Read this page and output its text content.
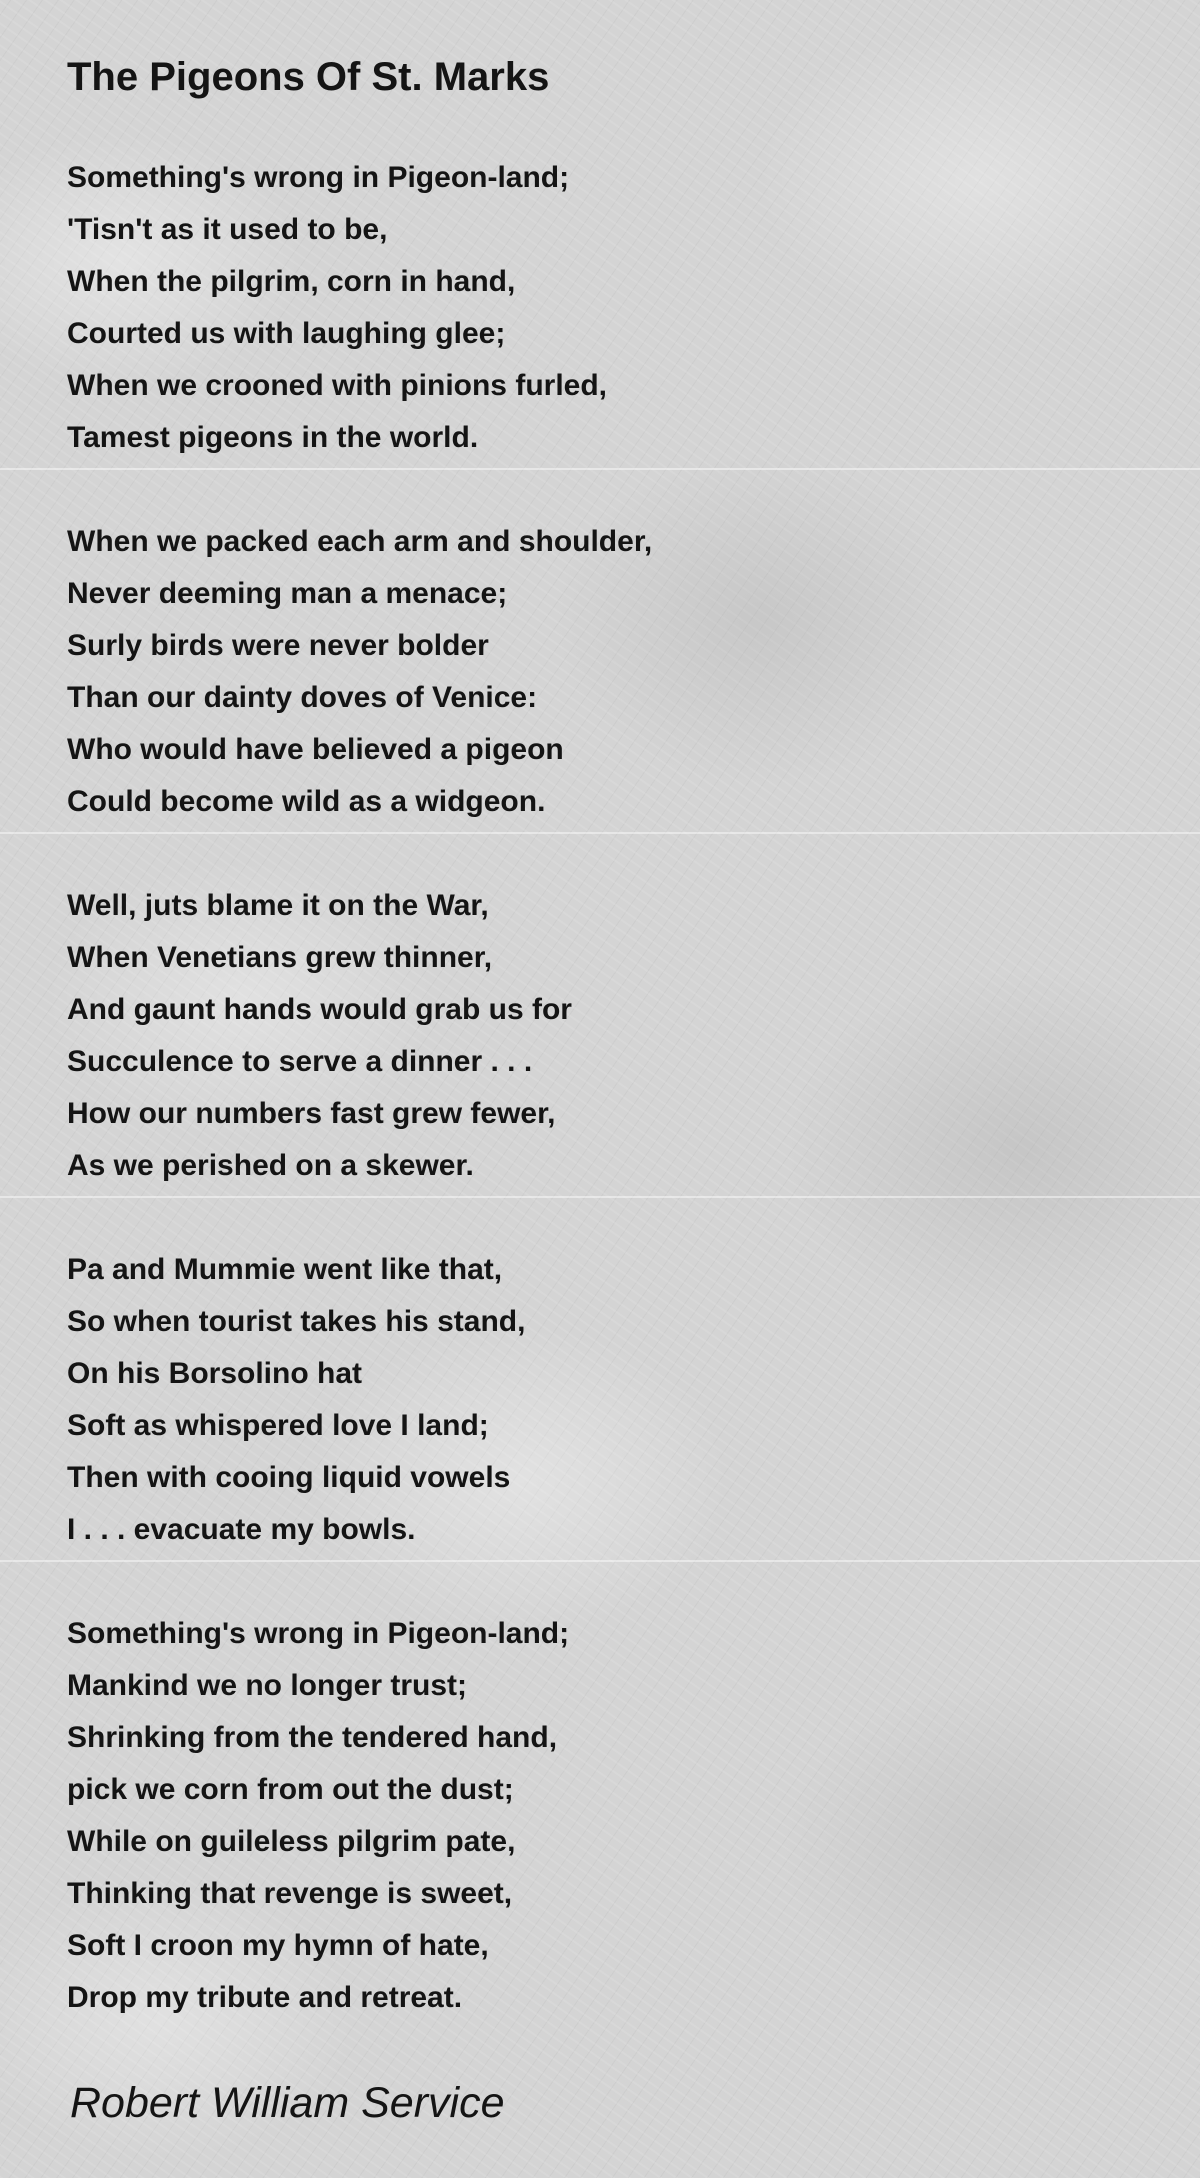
The Pigeons Of St. Marks
Something's wrong in Pigeon-land;
'Tisn't as it used to be,
When the pilgrim, corn in hand,
Courted us with laughing glee;
When we crooned with pinions furled,
Tamest pigeons in the world.
When we packed each arm and shoulder,
Never deeming man a menace;
Surly birds were never bolder
Than our dainty doves of Venice:
Who would have believed a pigeon
Could become wild as a widgeon.
Well, juts blame it on the War,
When Venetians grew thinner,
And gaunt hands would grab us for
Succulence to serve a dinner . . .
How our numbers fast grew fewer,
As we perished on a skewer.
Pa and Mummie went like that,
So when tourist takes his stand,
On his Borsolino hat
Soft as whispered love I land;
Then with cooing liquid vowels
I . . . evacuate my bowls.
Something's wrong in Pigeon-land;
Mankind we no longer trust;
Shrinking from the tendered hand,
pick we corn from out the dust;
While on guileless pilgrim pate,
Thinking that revenge is sweet,
Soft I croon my hymn of hate,
Drop my tribute and retreat.
Robert William Service
